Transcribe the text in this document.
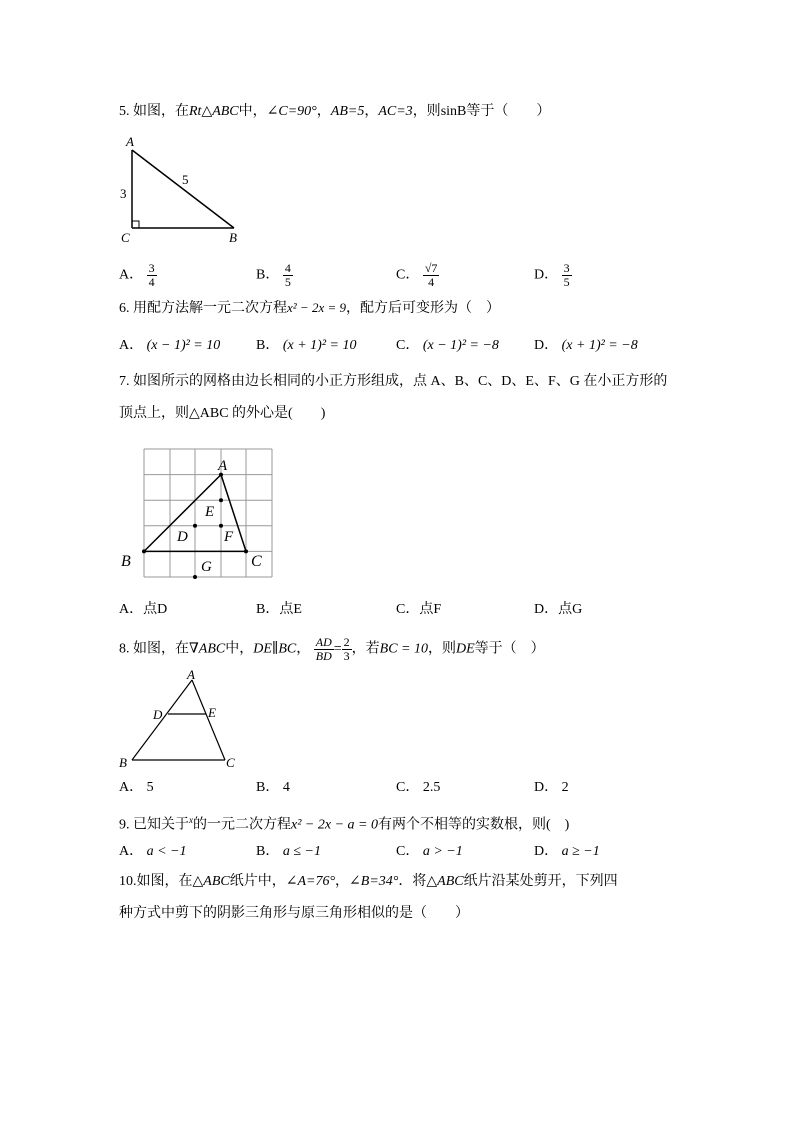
5. 如图，在Rt△ABC中，∠C=90°，AB=5，AC=3，则sinB等于（　　）
A
C	B
3
5
A． $\frac{3}{4}$	B． $\frac{4}{5}$	C． $\frac{√7}{4}$	D． $\frac{3}{5}$
6. 用配方法解一元二次方程x² − 2x = 9，配方后可变形为（　）
A． (x − 1)² = 10	B． (x + 1)² = 10	C． (x − 1)² = −8	D． (x + 1)² = −8
7. 如图所示的网格由边长相同的小正方形组成，点 A、B、C、D、E、F、G 在小正方形的
顶点上，则△ABC 的外心是(　　)
A
B	C
D
E
F
G
A．点D	B．点E	C．点F	D．点G
8. 如图，在∇ABC中，DE∥BC， $\frac{AD}{BD} = \frac{2}{3}$ ，若BC = 10，则DE等于（　）
A
B	C
D	E
A． 5	B． 4	C． 2.5	D． 2
9. 已知关于$^x$的一元二次方程x² − 2x − a = 0有两个不相等的实数根，则(　)
A． a < −1	B． a ≤ −1	C． a > −1	D． a ≥ −1
10.如图，在△ABC纸片中，∠A=76°，∠B=34°．将△ABC纸片沿某处剪开，下列四
种方式中剪下的阴影三角形与原三角形相似的是（　　）
